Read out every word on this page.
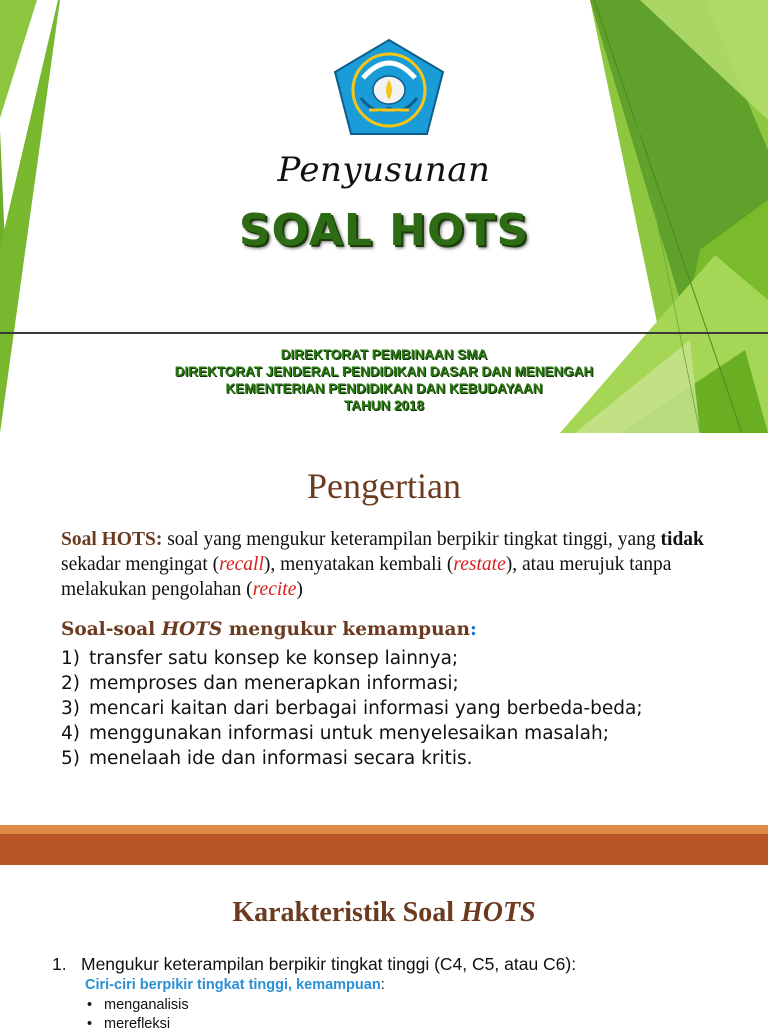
Penyusunan
SOAL HOTS
DIREKTORAT PEMBINAAN SMA
DIREKTORAT JENDERAL PENDIDIKAN DASAR DAN MENENGAH
KEMENTERIAN PENDIDIKAN DAN KEBUDAYAAN
TAHUN 2018
Pengertian
Soal HOTS: soal yang mengukur keterampilan berpikir tingkat tinggi, yang tidak sekadar mengingat (recall), menyatakan kembali (restate), atau merujuk tanpa melakukan pengolahan (recite)
Soal-soal HOTS mengukur kemampuan:
1) transfer satu konsep ke konsep lainnya;
2) memproses dan menerapkan informasi;
3) mencari kaitan dari berbagai informasi yang berbeda-beda;
4) menggunakan informasi untuk menyelesaikan masalah;
5) menelaah ide dan informasi secara kritis.
Karakteristik Soal HOTS
1. Mengukur keterampilan berpikir tingkat tinggi (C4, C5, atau C6):
Ciri-ciri berpikir tingkat tinggi, kemampuan:
• menganalisis
• merefleksi
